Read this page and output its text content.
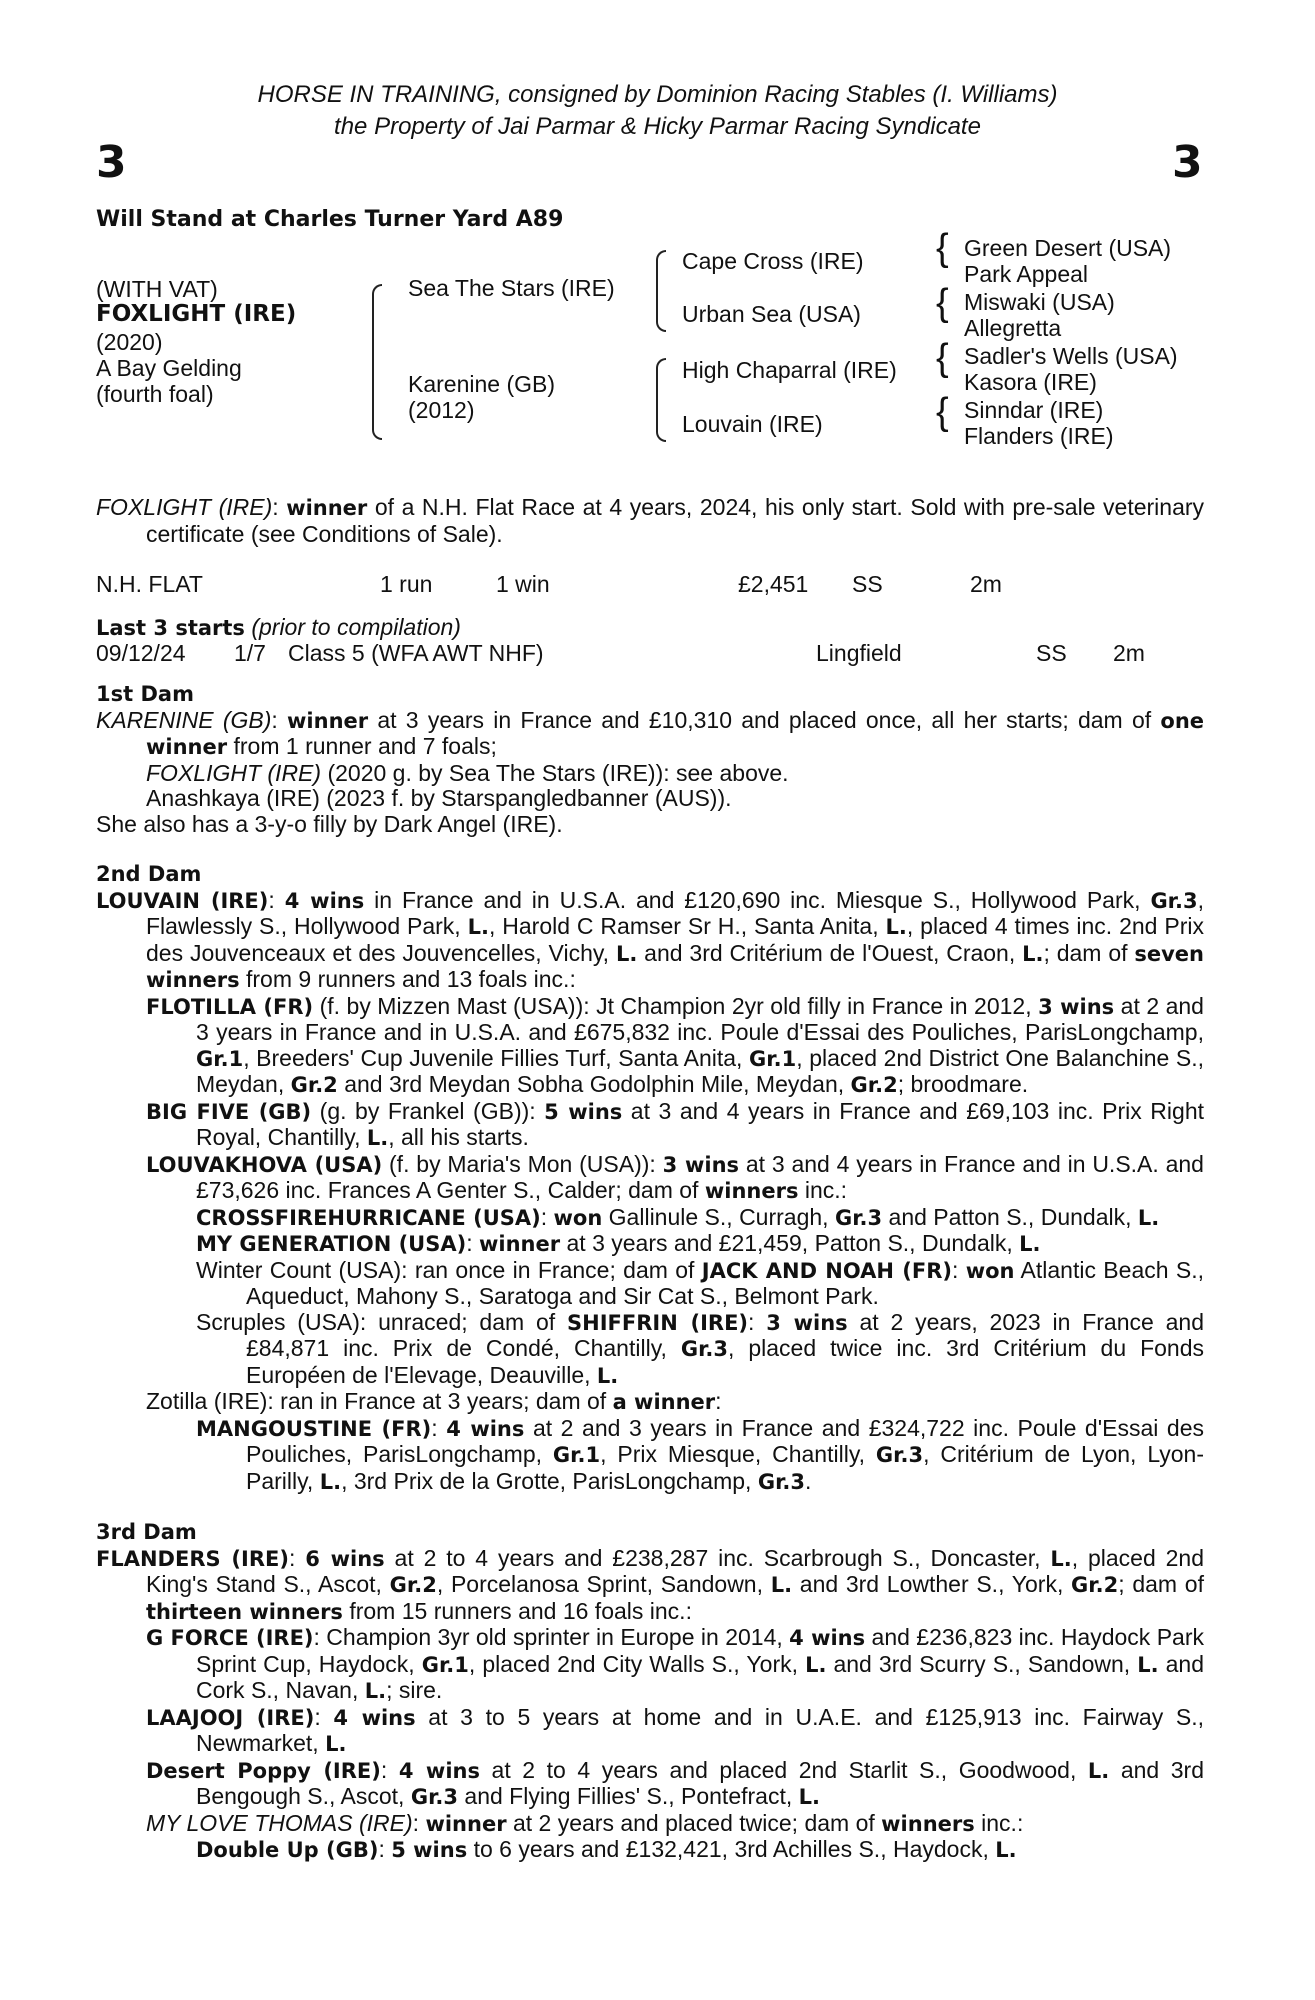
HORSE IN TRAINING, consigned by Dominion Racing Stables (I. Williams)
the Property of Jai Parmar & Hicky Parmar Racing Syndicate
3	3
Will Stand at Charles Turner Yard A89
(WITH VAT)
FOXLIGHT (IRE)
(2020)
A Bay Gelding
(fourth foal)
Sea The Stars (IRE)
Karenine (GB)
(2012)
Cape Cross (IRE)
Urban Sea (USA)
High Chaparral (IRE)
Louvain (IRE)
{ Green Desert (USA)
Park Appeal
{ Miswaki (USA)
Allegretta
{ Sadler's Wells (USA)
Kasora (IRE)
{ Sinndar (IRE)
Flanders (IRE)

FOXLIGHT (IRE): winner of a N.H. Flat Race at 4 years, 2024, his only start. Sold with pre-sale veterinary certificate (see Conditions of Sale).

N.H. FLAT	1 run	1 win	£2,451 SS	2m
Last 3 starts (prior to compilation)
09/12/24 1/7 Class 5 (WFA AWT NHF)	Lingfield	SS 2m

1st Dam

KARENINE (GB): winner at 3 years in France and £10,310 and placed once, all her starts; dam of one winner from 1 runner and 7 foals;

FOXLIGHT (IRE) (2020 g. by Sea The Stars (IRE)): see above.

Anashkaya (IRE) (2023 f. by Starspangledbanner (AUS)).

She also has a 3-y-o filly by Dark Angel (IRE).

2nd Dam

LOUVAIN (IRE): 4 wins in France and in U.S.A. and £120,690 inc. Miesque S., Hollywood Park, Gr.3, Flawlessly S., Hollywood Park, L., Harold C Ramser Sr H., Santa Anita, L., placed 4 times inc. 2nd Prix des Jouvenceaux et des Jouvencelles, Vichy, L. and 3rd Critérium de l'Ouest, Craon, L.; dam of seven winners from 9 runners and 13 foals inc.:

FLOTILLA (FR) (f. by Mizzen Mast (USA)): Jt Champion 2yr old filly in France in 2012, 3 wins at 2 and 3 years in France and in U.S.A. and £675,832 inc. Poule d'Essai des Pouliches, ParisLongchamp, Gr.1, Breeders' Cup Juvenile Fillies Turf, Santa Anita, Gr.1, placed 2nd District One Balanchine S., Meydan, Gr.2 and 3rd Meydan Sobha Godolphin Mile, Meydan, Gr.2; broodmare.

BIG FIVE (GB) (g. by Frankel (GB)): 5 wins at 3 and 4 years in France and £69,103 inc. Prix Right Royal, Chantilly, L., all his starts.

LOUVAKHOVA (USA) (f. by Maria's Mon (USA)): 3 wins at 3 and 4 years in France and in U.S.A. and £73,626 inc. Frances A Genter S., Calder; dam of winners inc.:

CROSSFIREHURRICANE (USA): won Gallinule S., Curragh, Gr.3 and Patton S., Dundalk, L.

MY GENERATION (USA): winner at 3 years and £21,459, Patton S., Dundalk, L.

Winter Count (USA): ran once in France; dam of JACK AND NOAH (FR): won Atlantic Beach S., Aqueduct, Mahony S., Saratoga and Sir Cat S., Belmont Park.

Scruples (USA): unraced; dam of SHIFFRIN (IRE): 3 wins at 2 years, 2023 in France and £84,871 inc. Prix de Condé, Chantilly, Gr.3, placed twice inc. 3rd Critérium du Fonds Européen de l'Elevage, Deauville, L.

Zotilla (IRE): ran in France at 3 years; dam of a winner:

MANGOUSTINE (FR): 4 wins at 2 and 3 years in France and £324,722 inc. Poule d'Essai des Pouliches, ParisLongchamp, Gr.1, Prix Miesque, Chantilly, Gr.3, Critérium de Lyon, Lyon-Parilly, L., 3rd Prix de la Grotte, ParisLongchamp, Gr.3.

3rd Dam

FLANDERS (IRE): 6 wins at 2 to 4 years and £238,287 inc. Scarbrough S., Doncaster, L., placed 2nd King's Stand S., Ascot, Gr.2, Porcelanosa Sprint, Sandown, L. and 3rd Lowther S., York, Gr.2; dam of thirteen winners from 15 runners and 16 foals inc.:

G FORCE (IRE): Champion 3yr old sprinter in Europe in 2014, 4 wins and £236,823 inc. Haydock Park Sprint Cup, Haydock, Gr.1, placed 2nd City Walls S., York, L. and 3rd Scurry S., Sandown, L. and Cork S., Navan, L.; sire.

LAAJOOJ (IRE): 4 wins at 3 to 5 years at home and in U.A.E. and £125,913 inc. Fairway S., Newmarket, L.

Desert Poppy (IRE): 4 wins at 2 to 4 years and placed 2nd Starlit S., Goodwood, L. and 3rd Bengough S., Ascot, Gr.3 and Flying Fillies' S., Pontefract, L.

MY LOVE THOMAS (IRE): winner at 2 years and placed twice; dam of winners inc.:

Double Up (GB): 5 wins to 6 years and £132,421, 3rd Achilles S., Haydock, L.
